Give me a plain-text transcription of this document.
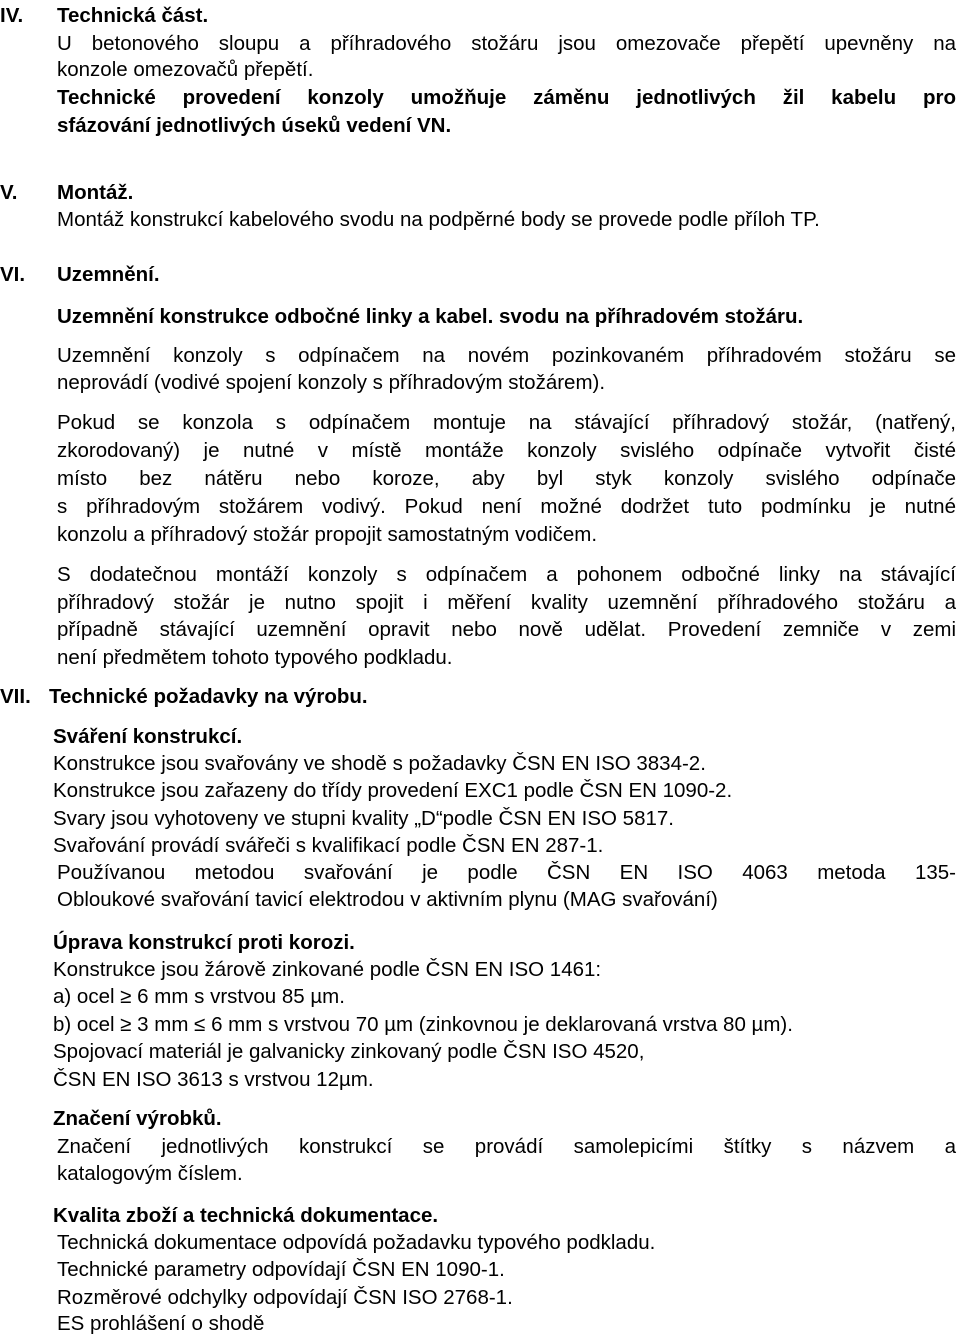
IV. Technická část.
U betonového sloupu a příhradového stožáru jsou omezovače přepětí upevněny na
konzole omezovačů přepětí.
Technické provedení konzoly umožňuje záměnu jednotlivých žil kabelu pro
sfázování jednotlivých úseků vedení VN.
V. Montáž.
Montáž konstrukcí kabelového svodu na podpěrné body se provede podle příloh TP.
VI. Uzemnění.
Uzemnění konstrukce odbočné linky a kabel. svodu na příhradovém stožáru.
Uzemnění konzoly s odpínačem na novém pozinkovaném příhradovém stožáru se
neprovádí (vodivé spojení konzoly s příhradovým stožárem).
Pokud se konzola s odpínačem montuje na stávající příhradový stožár, (natřený,
zkorodovaný) je nutné v místě montáže konzoly svislého odpínače vytvořit čisté
místo bez nátěru nebo koroze, aby byl styk konzoly svislého odpínače
s příhradovým stožárem vodivý. Pokud není možné dodržet tuto podmínku je nutné
konzolu a příhradový stožár propojit samostatným vodičem.
S dodatečnou montáží konzoly s odpínačem a pohonem odbočné linky na stávající
příhradový stožár je nutno spojit i měření kvality uzemnění příhradového stožáru a
případně stávající uzemnění opravit nebo nově udělat. Provedení zemniče v zemi
není předmětem tohoto typového podkladu.
VII. Technické požadavky na výrobu.
Sváření konstrukcí.
Konstrukce jsou svařovány ve shodě s požadavky ČSN EN ISO 3834-2.
Konstrukce jsou zařazeny do třídy provedení EXC1 podle ČSN EN 1090-2.
Svary jsou vyhotoveny ve stupni kvality „D“podle ČSN EN ISO 5817.
Svařování provádí svářeči s kvalifikací podle ČSN EN 287-1.
Používanou metodou svařování je podle ČSN EN ISO 4063 metoda 135-
Obloukové svařování tavicí elektrodou v aktivním plynu (MAG svařování)
Úprava konstrukcí proti korozi.
Konstrukce jsou žárově zinkované podle ČSN EN ISO 1461:
a) ocel ≥ 6 mm s vrstvou 85 µm.
b) ocel ≥ 3 mm ≤ 6 mm s vrstvou 70 µm (zinkovnou je deklarovaná vrstva 80 µm).
Spojovací materiál je galvanicky zinkovaný podle ČSN ISO 4520,
ČSN EN ISO 3613 s vrstvou 12µm.
Značení výrobků.
Značení jednotlivých konstrukcí se provádí samolepicími štítky s názvem a
katalogovým číslem.
Kvalita zboží a technická dokumentace.
Technická dokumentace odpovídá požadavku typového podkladu.
Technické parametry odpovídají ČSN EN 1090-1.
Rozměrové odchylky odpovídají ČSN ISO 2768-1.
ES prohlášení o shodě
